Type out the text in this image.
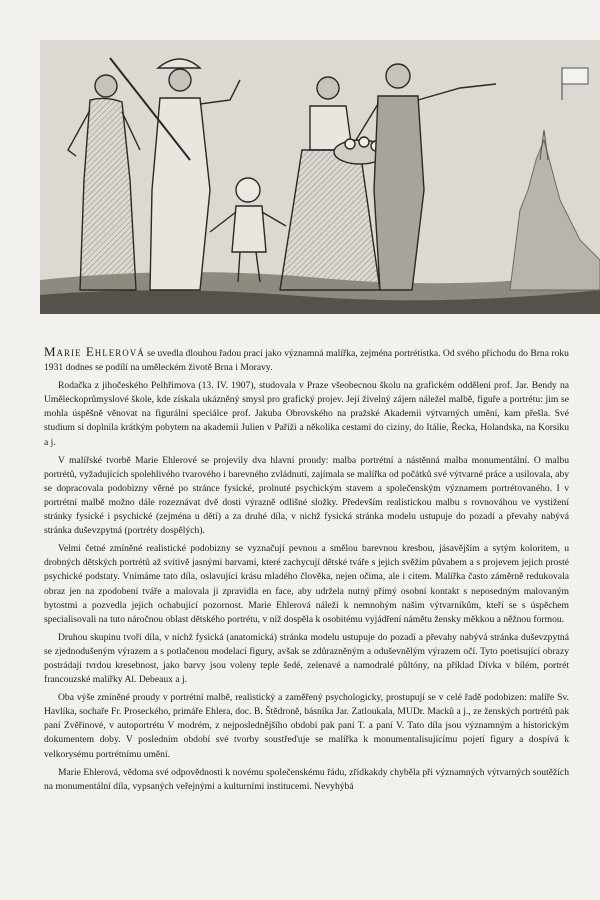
Marie Ehlerová se uvedla dlouhou řadou prací jako významná malířka, zejména portrétistka. Od svého příchodu do Brna roku 1931 dodnes se podílí na uměleckém životě Brna i Moravy.

Rodačka z jihočeského Pelhřimova (13. IV. 1907), studovala v Praze všeobecnou školu na grafickém oddělení prof. Jar. Bendy na Uměleckoprůmyslové škole, kde získala ukázněný smysl pro grafický projev. Její živelný zájem náležel malbě, figuře a portrétu: jim se mohla úspěšně věnovat na figurální speciálce prof. Jakuba Obrovského na pražské Akademii výtvarných umění, kam přešla. Své studium si doplnila krátkým pobytem na akademii Julien v Paříži a několika cestami do ciziny, do Itálie, Řecka, Holandska, na Korsiku a j.

V malířské tvorbě Marie Ehlerové se projevily dva hlavní proudy: malba portrétní a nástěnná malba monumentální. O malbu portrétů, vyžadujících spolehlivého tvarového i barevného zvládnutí, zajímala se malířka od počátků své výtvarné práce a usilovala, aby se dopracovala podobizny věrné po stránce fysické, prolnuté psychickým stavem a společenským významem portrétovaného. I v portrétní malbě možno dále rozeznávat dvě dosti výrazně odlišné složky. Především realistickou malbu s rovnováhou ve vystižení stránky fysické i psychické (zejména u dětí) a za druhé díla, v nichž fysická stránka modelu ustupuje do pozadí a převahy nabývá stránka duševzpytná (portréty dospělých).

Velmi četné zmíněné realistické podobizny se vyznačují pevnou a smělou barevnou kresbou, jásavějším a sytým koloritem, u drobných dětských portrétů až svítivě jasnými barvami, které zachycují dětské tváře s jejich svěžím půvabem a s projevem jejich prosté psychické podstaty. Vnímáme tato díla, oslavující krásu mladého člověka, nejen očima, ale i citem. Malířka často záměrně redukovala obraz jen na zpodobení tváře a malovala ji zpravidla en face, aby udržela nutný přímý osobní kontakt s neposedným malovaným bytostmi a pozvedla jejich ochabující pozornost. Marie Ehlerová náleží k nemnohým našim výtvarníkům, kteří se s úspěchem specialisovali na tuto náročnou oblast dětského portrétu, v níž dospěla k osobitému vyjádření námětu žensky měkkou a něžnou formou.

Druhou skupinu tvoří díla, v nichž fysická (anatomická) stránka modelu ustupuje do pozadí a převahy nabývá stránka duševzpytná se zjednodušeným výrazem a s potlačenou modelací figury, avšak se zdůrazněným a oduševnělým výrazem očí. Tyto poetisující obrazy postrádají tvrdou kresebnost, jako barvy jsou voleny teple šedé, zelenavé a namodralé půltóny, na příklad Dívka v bílém, portrét francouzské malířky Al. Debeaux a j.

Oba výše zmíněné proudy v portrétní malbě, realistický a zaměřený psychologicky, prostupují se v celé řadě podobizen: malíře Sv. Havlíka, sochaře Fr. Proseckého, primáře Ehlera, doc. B. Štědroně, básníka Jar. Zatloukala, MUDr. Macků a j., ze ženských portrétů pak paní Zvěřinové, v autoportrétu V modrém, z nejposlednějšího období pak paní T. a paní V. Tato díla jsou významným a historickým dokumentem doby. V posledním období své tvorby soustřeďuje se malířka k monumentalisujícímu pojetí figury a dospívá k velkorysému portrétnímu umění.

Marie Ehlerová, vědoma své odpovědnosti k novému společenskému řádu, zřídkakdy chyběla při významných výtvarných soutěžích na monumentální díla, vypsaných veřejnými a kulturními institucemi. Nevyhýbá
